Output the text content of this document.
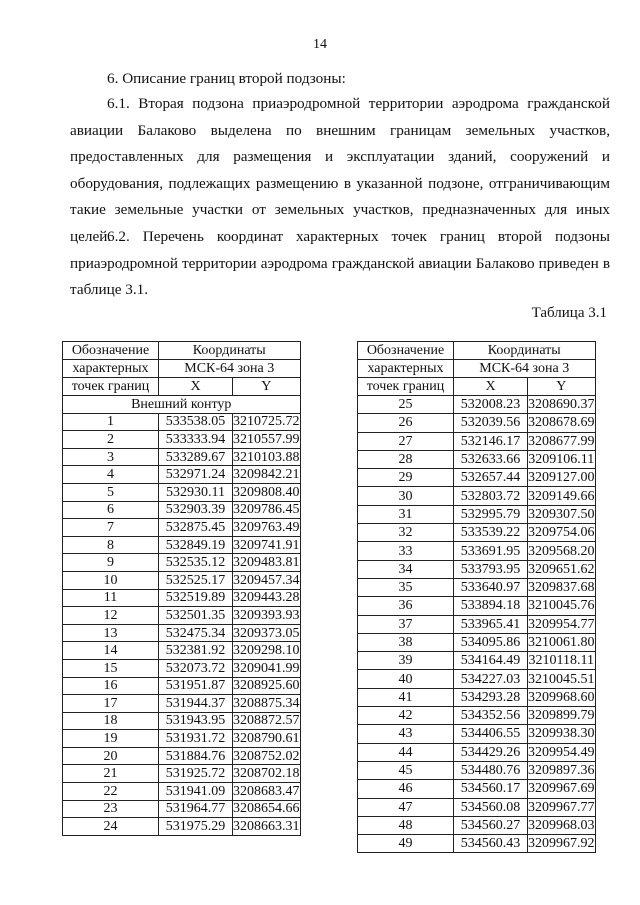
14
6. Описание границ второй подзоны:
6.1. Вторая подзона приаэродромной территории аэродрома гражданской авиации Балаково выделена по внешним границам земельных участков, предоставленных для размещения и эксплуатации зданий, сооружений и оборудования, подлежащих размещению в указанной подзоне, отграничивающим такие земельные участки от земельных участков, предназначенных для иных целей.
6.2. Перечень координат характерных точек границ второй подзоны приаэродромной территории аэродрома гражданской авиации Балаково приведен в таблице 3.1.
Таблица 3.1
Обозначение	Координаты	
характерных	МСК-64 зона 3	
точек границ	X	Y
Внешний контур		
1	533538.05	3210725.72
2	533333.94	3210557.99
3	533289.67	3210103.88
4	532971.24	3209842.21
5	532930.11	3209808.40
6	532903.39	3209786.45
7	532875.45	3209763.49
8	532849.19	3209741.91
9	532535.12	3209483.81
10	532525.17	3209457.34
11	532519.89	3209443.28
12	532501.35	3209393.93
13	532475.34	3209373.05
14	532381.92	3209298.10
15	532073.72	3209041.99
16	531951.87	3208925.60
17	531944.37	3208875.34
18	531943.95	3208872.57
19	531931.72	3208790.61
20	531884.76	3208752.02
21	531925.72	3208702.18
22	531941.09	3208683.47
23	531964.77	3208654.66
24	531975.29	3208663.31
Обозначение	Координаты	
характерных	МСК-64 зона 3	
точек границ	X	Y
25	532008.23	3208690.37
26	532039.56	3208678.69
27	532146.17	3208677.99
28	532633.66	3209106.11
29	532657.44	3209127.00
30	532803.72	3209149.66
31	532995.79	3209307.50
32	533539.22	3209754.06
33	533691.95	3209568.20
34	533793.95	3209651.62
35	533640.97	3209837.68
36	533894.18	3210045.76
37	533965.41	3209954.77
38	534095.86	3210061.80
39	534164.49	3210118.11
40	534227.03	3210045.51
41	534293.28	3209968.60
42	534352.56	3209899.79
43	534406.55	3209938.30
44	534429.26	3209954.49
45	534480.76	3209897.36
46	534560.17	3209967.69
47	534560.08	3209967.77
48	534560.27	3209968.03
49	534560.43	3209967.92
